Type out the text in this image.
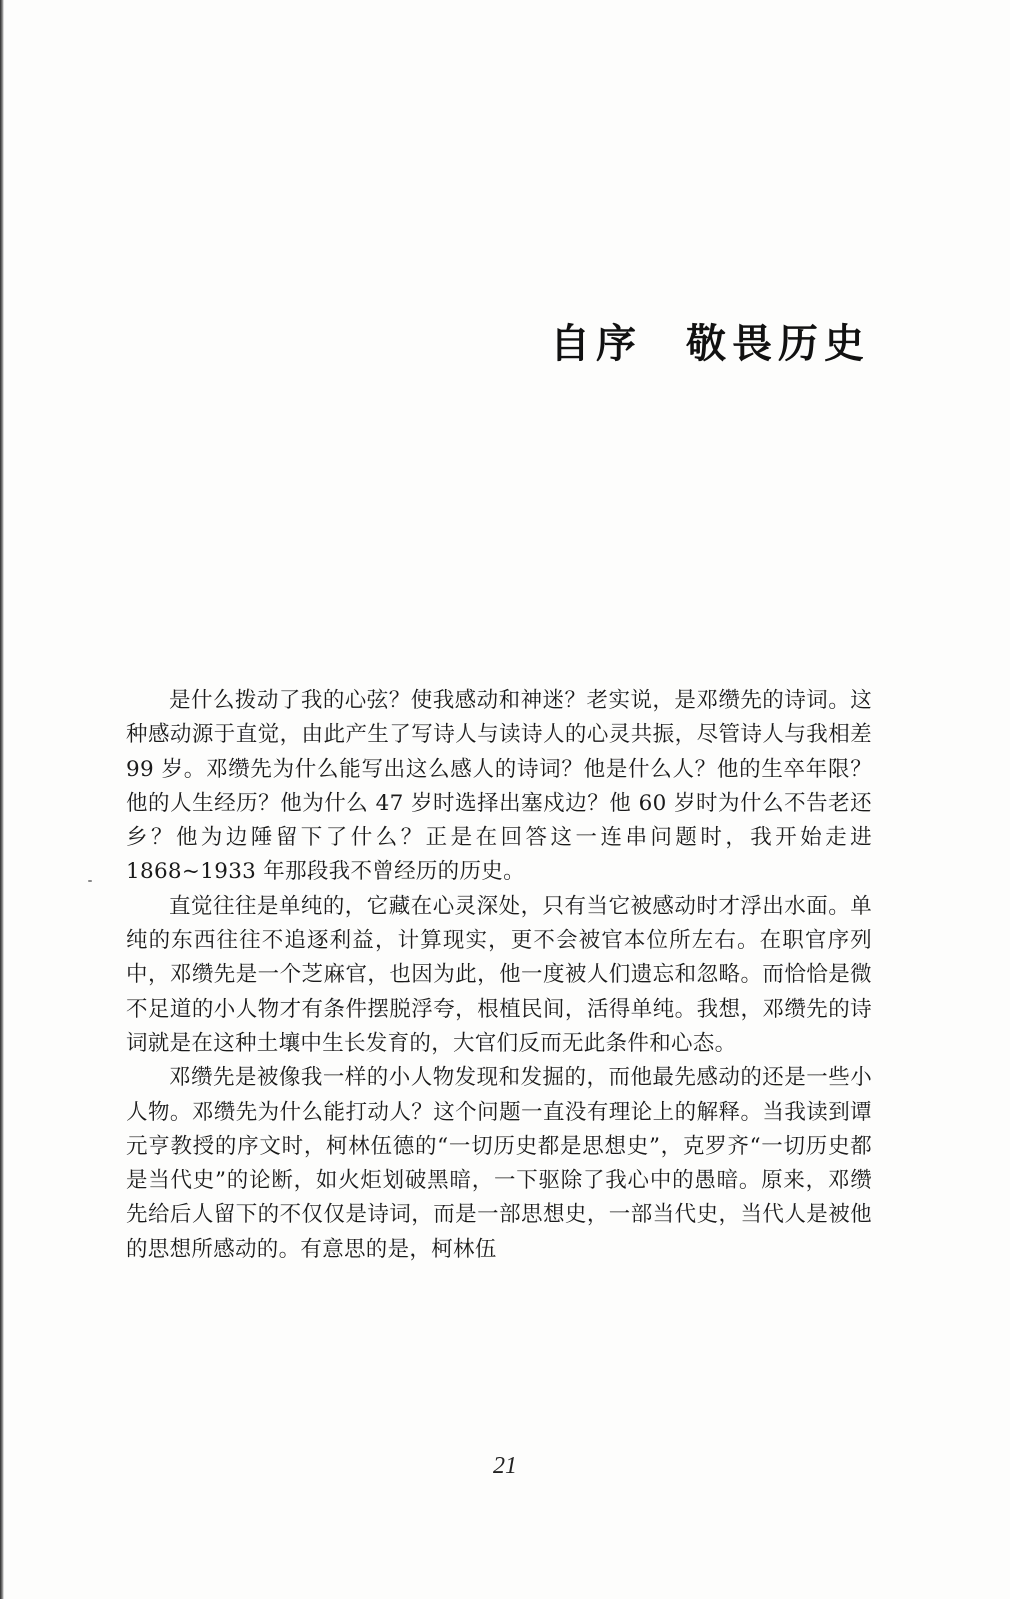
自序 敬畏历史

是什么拨动了我的心弦？使我感动和神迷？老实说，是邓缵先的诗词。这种感动源于直觉，由此产生了写诗人与读诗人的心灵共振，尽管诗人与我相差 99 岁。邓缵先为什么能写出这么感人的诗词？他是什么人？他的生卒年限？他的人生经历？他为什么 47 岁时选择出塞戍边？他 60 岁时为什么不告老还乡？他为边陲留下了什么？正是在回答这一连串问题时，我开始走进 1868~1933 年那段我不曾经历的历史。

直觉往往是单纯的，它藏在心灵深处，只有当它被感动时才浮出水面。单纯的东西往往不追逐利益，计算现实，更不会被官本位所左右。在职官序列中，邓缵先是一个芝麻官，也因为此，他一度被人们遗忘和忽略。而恰恰是微不足道的小人物才有条件摆脱浮夸，根植民间，活得单纯。我想，邓缵先的诗词就是在这种土壤中生长发育的，大官们反而无此条件和心态。

邓缵先是被像我一样的小人物发现和发掘的，而他最先感动的还是一些小人物。邓缵先为什么能打动人？这个问题一直没有理论上的解释。当我读到谭元亨教授的序文时，柯林伍德的“一切历史都是思想史”，克罗齐“一切历史都是当代史”的论断，如火炬划破黑暗，一下驱除了我心中的愚暗。原来，邓缵先给后人留下的不仅仅是诗词，而是一部思想史，一部当代史，当代人是被他的思想所感动的。有意思的是，柯林伍

21
